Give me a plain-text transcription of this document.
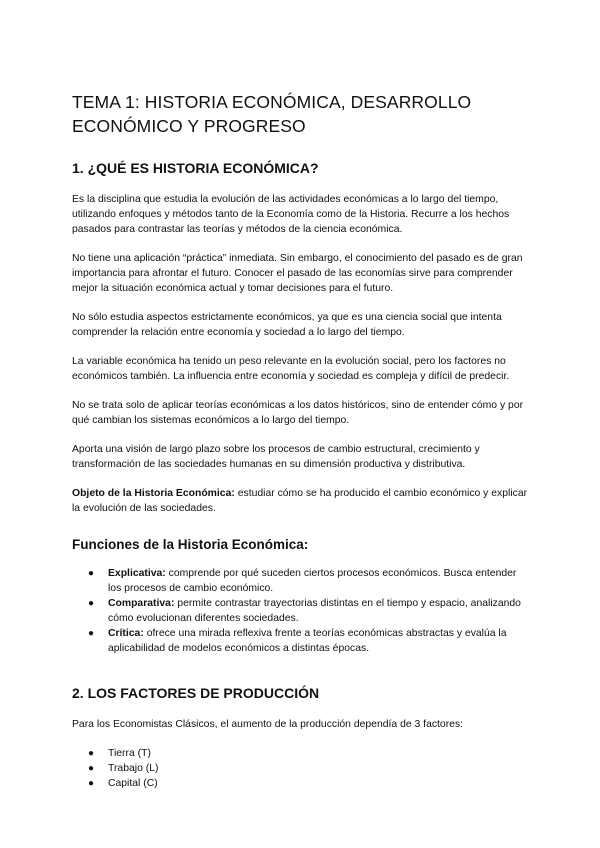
TEMA 1: HISTORIA ECONÓMICA, DESARROLLO
ECONÓMICO Y PROGRESO
1. ¿QUÉ ES HISTORIA ECONÓMICA?

Es la disciplina que estudia la evolución de las actividades económicas a lo largo del tiempo, utilizando enfoques y métodos tanto de la Economía como de la Historia. Recurre a los hechos pasados para contrastar las teorías y métodos de la ciencia económica.

No tiene una aplicación “práctica” inmediata. Sin embargo, el conocimiento del pasado es de gran importancia para afrontar el futuro. Conocer el pasado de las economías sirve para comprender mejor la situación económica actual y tomar decisiones para el futuro.

No sólo estudia aspectos estrictamente económicos, ya que es una ciencia social que intenta comprender la relación entre economía y sociedad a lo largo del tiempo.

La variable económica ha tenido un peso relevante en la evolución social, pero los factores no económicos también. La influencia entre economía y sociedad es compleja y difícil de predecir.

No se trata solo de aplicar teorías económicas a los datos históricos, sino de entender cómo y por qué cambian los sistemas económicos a lo largo del tiempo.

Aporta una visión de largo plazo sobre los procesos de cambio estructural, crecimiento y transformación de las sociedades humanas en su dimensión productiva y distributiva.

Objeto de la Historia Económica: estudiar cómo se ha producido el cambio económico y explicar la evolución de las sociedades.

Funciones de la Historia Económica:
● Explicativa: comprende por qué suceden ciertos procesos económicos. Busca entender los procesos de cambio económico.
● Comparativa: permite contrastar trayectorias distintas en el tiempo y espacio, analizando cómo evolucionan diferentes sociedades.
● Crítica: ofrece una mirada reflexiva frente a teorías económicas abstractas y evalúa la aplicabilidad de modelos económicos a distintas épocas.
2. LOS FACTORES DE PRODUCCIÓN

Para los Economistas Clásicos, el aumento de la producción dependía de 3 factores:

● Tierra (T)
● Trabajo (L)
● Capital (C)
